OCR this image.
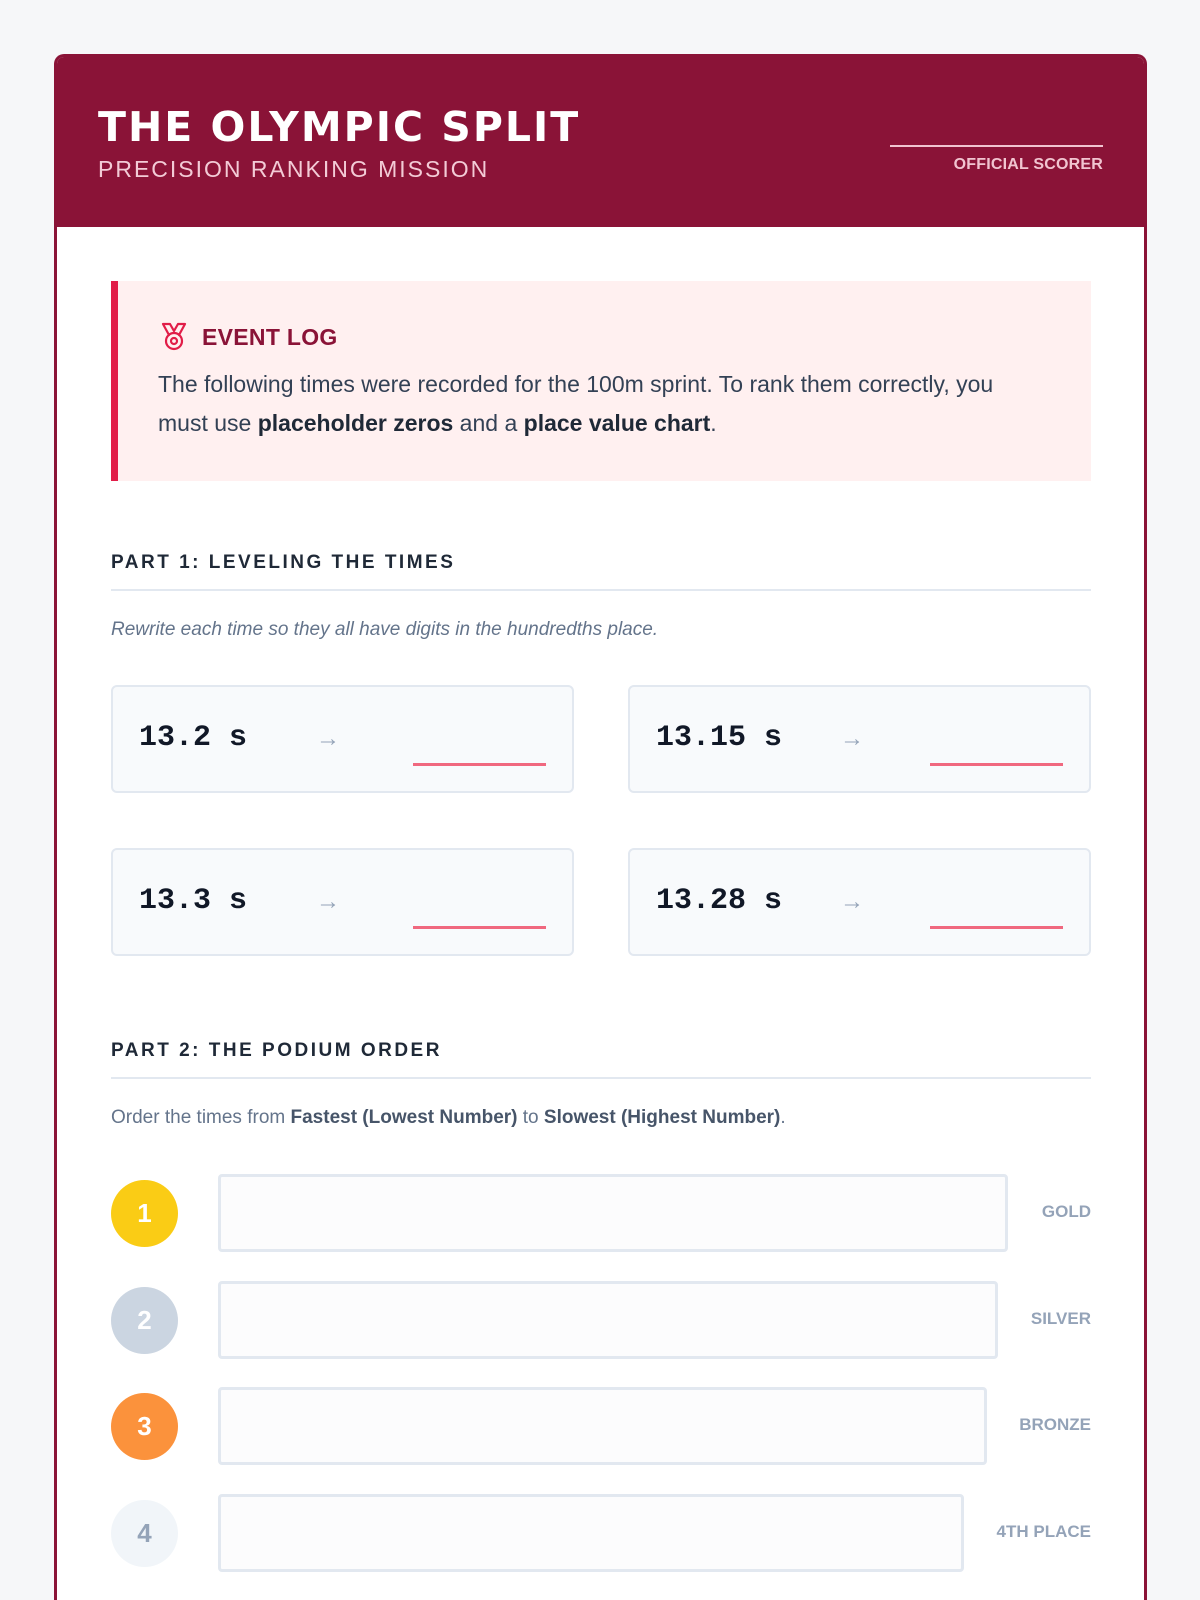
THE OLYMPIC SPLIT
PRECISION RANKING MISSION	OFFICIAL SCORER
EVENT LOG
The following times were recorded for the 100m sprint. To rank them correctly, you must use placeholder zeros and a place value chart.
PART 1: LEVELING THE TIMES
Rewrite each time so they all have digits in the hundredths place.
13.2 s	→	13.15 s →
13.3 s	→	13.28 s →
PART 2: THE PODIUM ORDER
Order the times from Fastest (Lowest Number) to Slowest (Highest Number).
1	GOLD
2	SILVER
3	BRONZE
4	4TH PLACE
